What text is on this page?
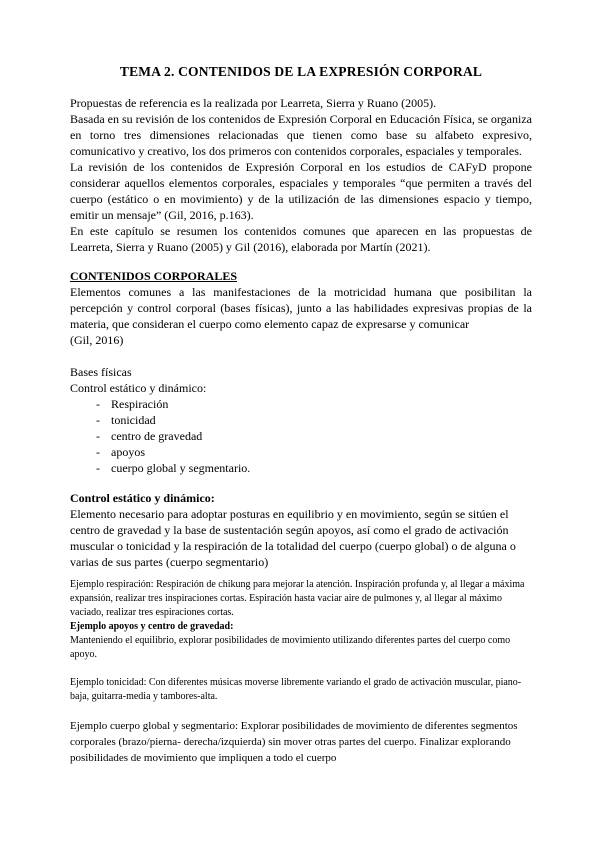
TEMA 2. CONTENIDOS DE LA EXPRESIÓN CORPORAL

Propuestas de referencia es la realizada por Learreta, Sierra y Ruano (2005).

Basada en su revisión de los contenidos de Expresión Corporal en Educación Física, se organiza en torno tres dimensiones relacionadas que tienen como base su alfabeto expresivo, comunicativo y creativo, los dos primeros con contenidos corporales, espaciales y temporales.

La revisión de los contenidos de Expresión Corporal en los estudios de CAFyD propone considerar aquellos elementos corporales, espaciales y temporales “que permiten a través del cuerpo (estático o en movimiento) y de la utilización de las dimensiones espacio y tiempo, emitir un mensaje” (Gil, 2016, p.163).

En este capítulo se resumen los contenidos comunes que aparecen en las propuestas de Learreta, Sierra y Ruano (2005) y Gil (2016), elaborada por Martín (2021).

CONTENIDOS CORPORALES

Elementos comunes a las manifestaciones de la motricidad humana que posibilitan la percepción y control corporal (bases físicas), junto a las habilidades expresivas propias de la materia, que consideran el cuerpo como elemento capaz de expresarse y comunicar

(Gil, 2016)

Bases físicas

Control estático y dinámico:

- Respiración
- tonicidad
- centro de gravedad
- apoyos
- cuerpo global y segmentario.
Control estático y dinámico:

Elemento necesario para adoptar posturas en equilibrio y en movimiento, según se sitúen el centro de gravedad y la base de sustentación según apoyos, así como el grado de activación muscular o tonicidad y la respiración de la totalidad del cuerpo (cuerpo global) o de alguna o varias de sus partes (cuerpo segmentario)

Ejemplo respiración: Respiración de chikung para mejorar la atención. Inspiración profunda y, al llegar a máxima expansión, realizar tres inspiraciones cortas. Espiración hasta vaciar aire de pulmones y, al llegar al máximo vaciado, realizar tres espiraciones cortas.

Ejemplo apoyos y centro de gravedad:

Manteniendo el equilibrio, explorar posibilidades de movimiento utilizando diferentes partes del cuerpo como apoyo.

Ejemplo tonicidad: Con diferentes músicas moverse libremente variando el grado de activación muscular, piano-baja, guitarra-media y tambores-alta.

Ejemplo cuerpo global y segmentario: Explorar posibilidades de movimiento de diferentes segmentos corporales (brazo/pierna- derecha/izquierda) sin mover otras partes del cuerpo. Finalizar explorando posibilidades de movimiento que impliquen a todo el cuerpo
